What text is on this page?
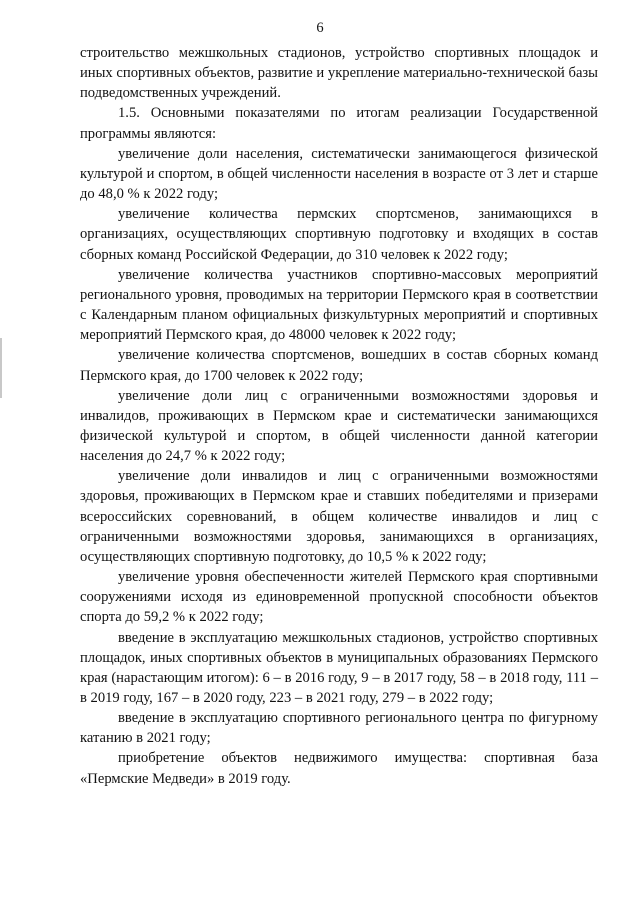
6

строительство межшкольных стадионов, устройство спортивных площадок и иных спортивных объектов, развитие и укрепление материально-технической базы подведомственных учреждений.

1.5. Основными показателями по итогам реализации Государственной программы являются:

увеличение доли населения, систематически занимающегося физической культурой и спортом, в общей численности населения в возрасте от 3 лет и старше до 48,0 % к 2022 году;

увеличение количества пермских спортсменов, занимающихся в организациях, осуществляющих спортивную подготовку и входящих в состав сборных команд Российской Федерации, до 310 человек к 2022 году;

увеличение количества участников спортивно-массовых мероприятий регионального уровня, проводимых на территории Пермского края в соответствии с Календарным планом официальных физкультурных мероприятий и спортивных мероприятий Пермского края, до 48000 человек к 2022 году;

увеличение количества спортсменов, вошедших в состав сборных команд Пермского края, до 1700 человек к 2022 году;

увеличение доли лиц с ограниченными возможностями здоровья и инвалидов, проживающих в Пермском крае и систематически занимающихся физической культурой и спортом, в общей численности данной категории населения до 24,7 % к 2022 году;

увеличение доли инвалидов и лиц с ограниченными возможностями здоровья, проживающих в Пермском крае и ставших победителями и призерами всероссийских соревнований, в общем количестве инвалидов и лиц с ограниченными возможностями здоровья, занимающихся в организациях, осуществляющих спортивную подготовку, до 10,5 % к 2022 году;

увеличение уровня обеспеченности жителей Пермского края спортивными сооружениями исходя из единовременной пропускной способности объектов спорта до 59,2 % к 2022 году;

введение в эксплуатацию межшкольных стадионов, устройство спортивных площадок, иных спортивных объектов в муниципальных образованиях Пермского края (нарастающим итогом): 6 – в 2016 году, 9 – в 2017 году, 58 – в 2018 году, 111 – в 2019 году, 167 – в 2020 году, 223 – в 2021 году, 279 – в 2022 году;

введение в эксплуатацию спортивного регионального центра по фигурному катанию в 2021 году;

приобретение объектов недвижимого имущества: спортивная база «Пермские Медведи» в 2019 году.
